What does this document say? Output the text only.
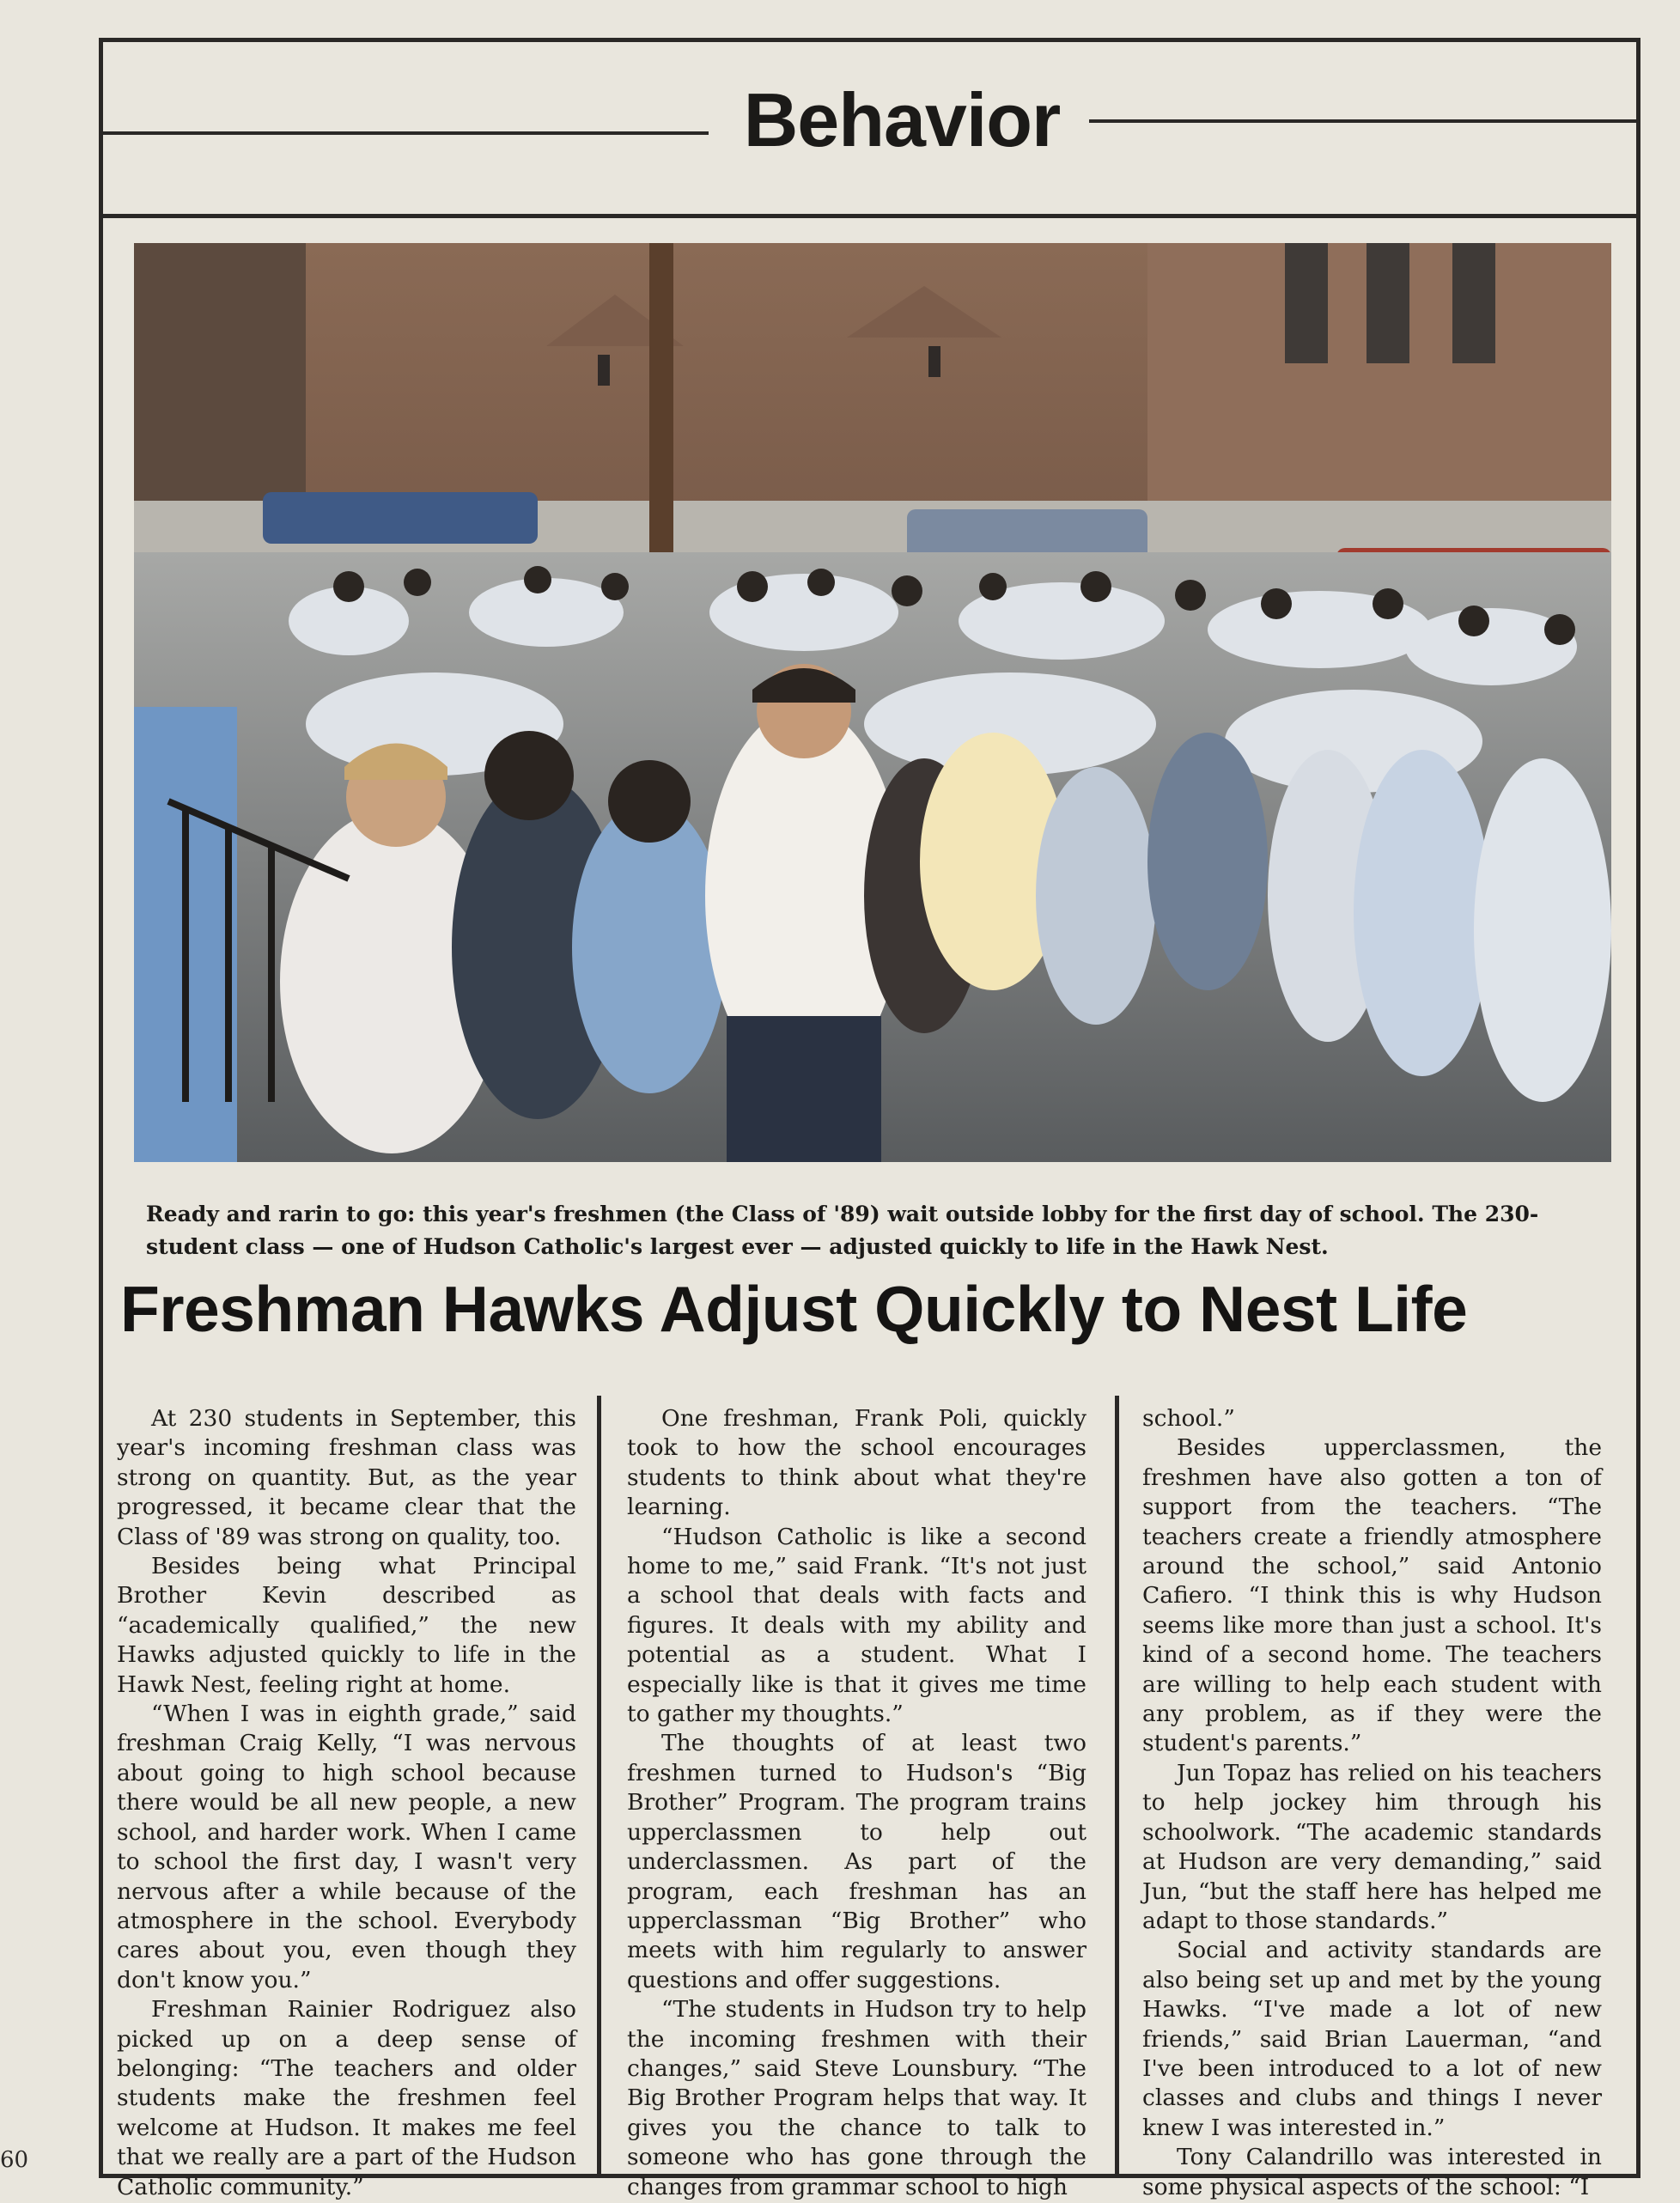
Behavior
Ready and rarin to go: this year's freshmen (the Class of '89) wait outside lobby for the first day of school. The 230-student class — one of Hudson Catholic's largest ever — adjusted quickly to life in the Hawk Nest.
Freshman Hawks Adjust Quickly to Nest Life

At 230 students in September, this year's incoming freshman class was strong on quantity. But, as the year progressed, it became clear that the Class of '89 was strong on quality, too.

Besides being what Principal Brother Kevin described as “academically qualified,” the new Hawks adjusted quickly to life in the Hawk Nest, feeling right at home.

“When I was in eighth grade,” said freshman Craig Kelly, “I was nervous about going to high school because there would be all new people, a new school, and harder work. When I came to school the first day, I wasn't very nervous after a while because of the atmosphere in the school. Everybody cares about you, even though they don't know you.”

Freshman Rainier Rodriguez also picked up on a deep sense of belonging: “The teachers and older students make the freshmen feel welcome at Hudson. It makes me feel that we really are a part of the Hudson Catholic community.”

One freshman, Frank Poli, quickly took to how the school encourages students to think about what they're learning.

“Hudson Catholic is like a second home to me,” said Frank. “It's not just a school that deals with facts and figures. It deals with my ability and potential as a student. What I especially like is that it gives me time to gather my thoughts.”

The thoughts of at least two freshmen turned to Hudson's “Big Brother” Program. The program trains upperclassmen to help out underclassmen. As part of the program, each freshman has an upperclassman “Big Brother” who meets with him regularly to answer questions and offer suggestions.

“The students in Hudson try to help the incoming freshmen with their changes,” said Steve Lounsbury. “The Big Brother Program helps that way. It gives you the chance to talk to someone who has gone through the changes from grammar school to high

school.”

Besides upperclassmen, the freshmen have also gotten a ton of support from the teachers. “The teachers create a friendly atmosphere around the school,” said Antonio Cafiero. “I think this is why Hudson seems like more than just a school. It's kind of a second home. The teachers are willing to help each student with any problem, as if they were the student's parents.”

Jun Topaz has relied on his teachers to help jockey him through his schoolwork. “The academic standards at Hudson are very demanding,” said Jun, “but the staff here has helped me adapt to those standards.”

Social and activity standards are also being set up and met by the young Hawks. “I've made a lot of new friends,” said Brian Lauerman, “and I've been introduced to a lot of new classes and clubs and things I never knew I was interested in.”

Tony Calandrillo was interested in some physical aspects of the school: “I

60
